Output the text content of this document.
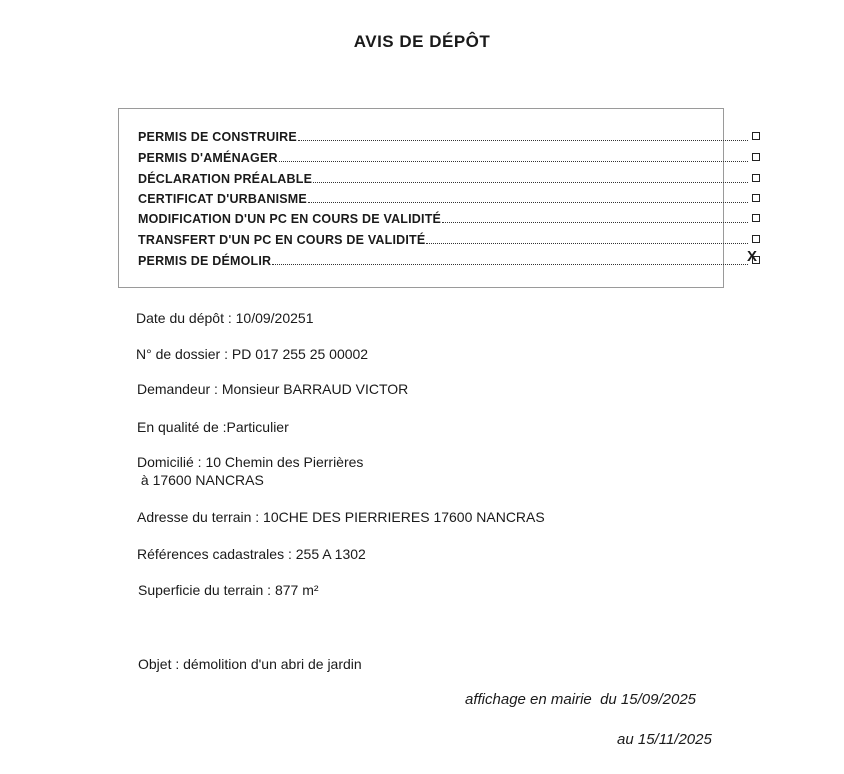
AVIS DE DÉPÔT
PERMIS DE CONSTRUIRE
PERMIS D'AMÉNAGER
DÉCLARATION PRÉALABLE
CERTIFICAT D'URBANISME
MODIFICATION D'UN PC EN COURS DE VALIDITÉ
TRANSFERT D'UN PC EN COURS DE VALIDITÉ
PERMIS DE DÉMOLIR	X
Date du dépôt : 10/09/20251
N° de dossier : PD 017 255 25 00002
Demandeur : Monsieur BARRAUD VICTOR
En qualité de :Particulier
Domicilié : 10 Chemin des Pierrières
à 17600 NANCRAS
Adresse du terrain : 10CHE DES PIERRIERES 17600 NANCRAS
Références cadastrales : 255 A 1302
Superficie du terrain : 877 m²
Objet : démolition d'un abri de jardin
affichage en mairie  du 15/09/2025
au 15/11/2025
